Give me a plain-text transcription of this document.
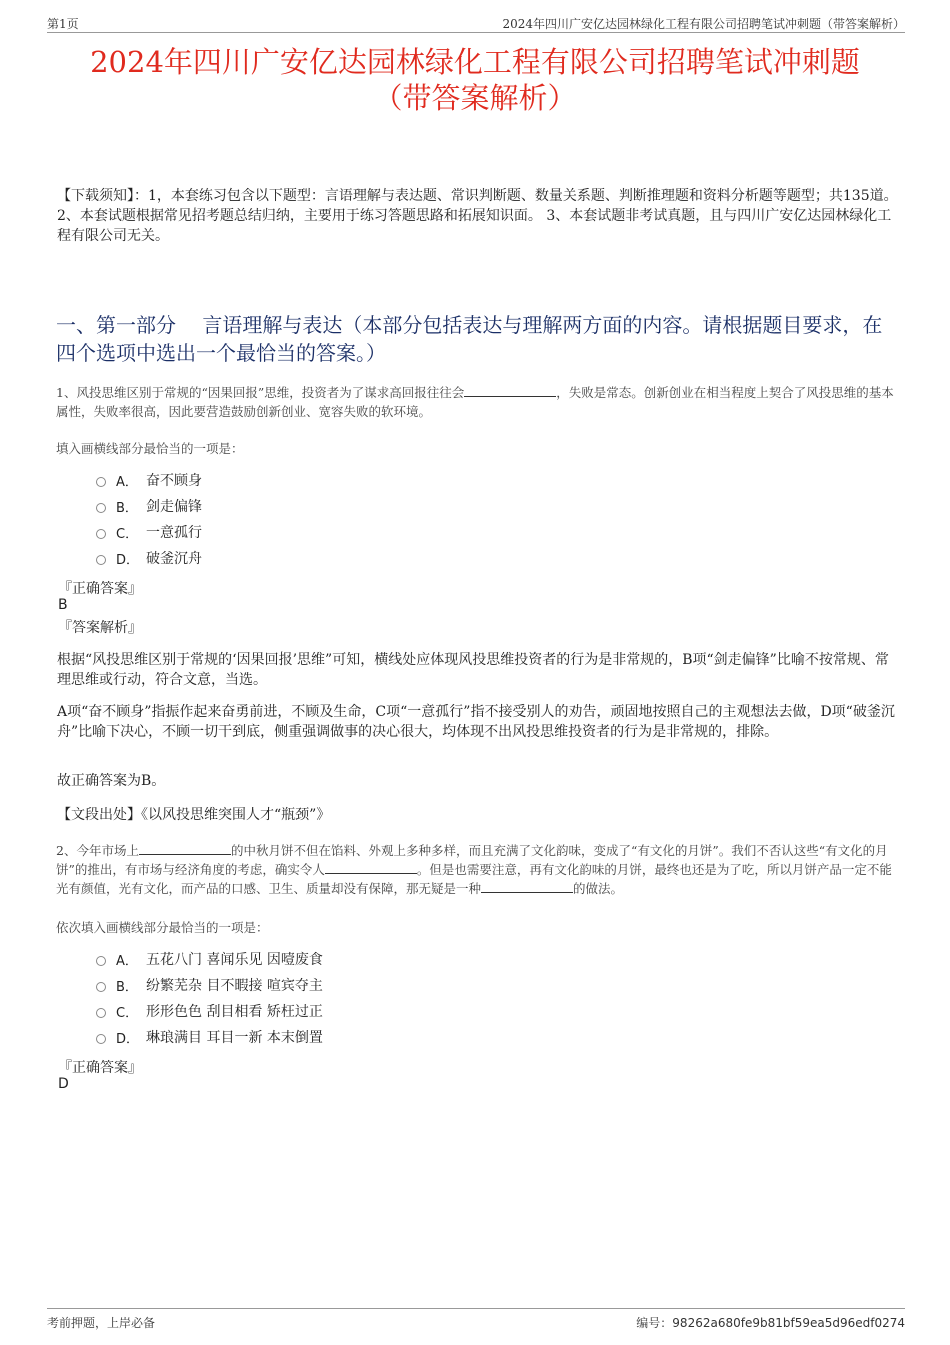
第1页	2024年四川广安亿达园林绿化工程有限公司招聘笔试冲刺题（带答案解析）
2024年四川广安亿达园林绿化工程有限公司招聘笔试冲刺题
（带答案解析）
【下载须知】：1，本套练习包含以下题型：言语理解与表达题、常识判断题、数量关系题、判断推理题和资料分析题等题型；共135道。 2、本套试题根据常见招考题总结归纳，主要用于练习答题思路和拓展知识面。 3、本套试题非考试真题，且与四川广安亿达园林绿化工程有限公司无关。
一、第一部分　 言语理解与表达（本部分包括表达与理解两方面的内容。请根据题目要求，在四个选项中选出一个最恰当的答案。）
1、风投思维区别于常规的“因果回报”思维，投资者为了谋求高回报往往会	，失败是常态。创新创业在相当程度上契合了风投思维的基本属性，失败率很高，因此要营造鼓励创新创业、宽容失败的软环境。
填入画横线部分最恰当的一项是：
A． 奋不顾身
B． 剑走偏锋
C． 一意孤行
D． 破釜沉舟
『正确答案』
B
『答案解析』
根据“风投思维区别于常规的‘因果回报’思维”可知，横线处应体现风投思维投资者的行为是非常规的，B项“剑走偏锋”比喻不按常规、常理思维或行动，符合文意，当选。
A项“奋不顾身”指振作起来奋勇前进，不顾及生命，C项“一意孤行”指不接受别人的劝告，顽固地按照自己的主观想法去做，D项“破釜沉舟”比喻下决心，不顾一切干到底，侧重强调做事的决心很大，均体现不出风投思维投资者的行为是非常规的，排除。
故正确答案为B。
【文段出处】《以风投思维突围人才“瓶颈”》
2、今年市场上	的中秋月饼不但在馅料、外观上多种多样，而且充满了文化韵味，变成了“有文化的月饼”。我们不否认这些“有文化的月饼”的推出，有市场与经济角度的考虑，确实令人	。但是也需要注意，再有文化韵味的月饼，最终也还是为了吃，所以月饼产品一定不能光有颜值，光有文化，而产品的口感、卫生、质量却没有保障，那无疑是一种	的做法。
依次填入画横线部分最恰当的一项是：
A． 五花八门 喜闻乐见 因噎废食
B． 纷繁芜杂 目不暇接 喧宾夺主
C． 形形色色 刮目相看 矫枉过正
D． 琳琅满目 耳目一新 本末倒置
『正确答案』
D
考前押题，上岸必备	编号：98262a680fe9b81bf59ea5d96edf0274
